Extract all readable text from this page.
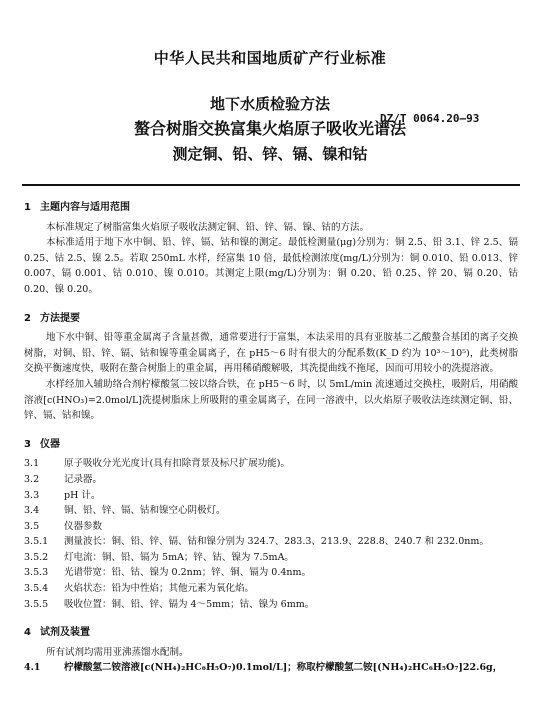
中华人民共和国地质矿产行业标准
地下水质检验方法
螯合树脂交换富集火焰原子吸收光谱法
测定铜、铅、锌、镉、镍和钴
DZ/T 0064.20—93
1 主题内容与适用范围

本标准规定了树脂富集火焰原子吸收法测定铜、铅、锌、镉、镍、钴的方法。

本标准适用于地下水中铜、铅、锌、镉、钴和镍的测定。最低检测量(μg)分别为：铜 2.5、铅 3.1、锌 2.5、镉 0.25、钴 2.5、镍 2.5。若取 250mL 水样，经富集 10 倍，最低检测浓度(mg/L)分别为：铜 0.010、铅 0.013、锌 0.007、镉 0.001、钴 0.010、镍 0.010。其测定上限(mg/L)分别为：铜 0.20、铅 0.25、锌 20、镉 0.20、钴 0.20、镍 0.20。

2 方法提要

地下水中铜、铅等重金属离子含量甚微，通常要进行于富集，本法采用的具有亚胺基二乙酸螯合基团的离子交换树脂，对铜、铅、锌、镉、钴和镍等重金属离子，在 pH5～6 时有很大的分配系数(K_D 约为 10³～10⁵)，此类树脂交换平衡速度快，吸附在螯合树脂上的重金属，再用稀硝酸解吸，其洗提曲线不拖尾，因而可用较小的洗提溶液。

水样经加入辅助络合剂柠檬酸氢二铵以络合铁，在 pH5～6 时，以 5mL/min 流速通过交换柱，吸附后，用硝酸溶液[c(HNO₃)=2.0mol/L]洗提树脂床上所吸附的重金属离子，在同一溶液中，以火焰原子吸收法连续测定铜、铅、锌、镉、钴和镍。

3 仪器
3.1	原子吸收分光光度计(具有扣除背景及标尺扩展功能)。
3.2	记录器。
3.3	pH 计。
3.4	铜、铅、锌、镉、钴和镍空心阴极灯。
3.5	仪器参数
3.5.1	测量波长：铜、铅、锌、镉、钴和镍分别为 324.7、283.3、213.9、228.8、240.7 和 232.0nm。
3.5.2	灯电流：铜、铅、镉为 5mA；锌、钴、镍为 7.5mA。
3.5.3	光谱带宽：铅、钴、镍为 0.2nm；锌、铜、镉为 0.4nm。
3.5.4	火焰状态：铅为中性焰；其他元素为氧化焰。
3.5.5	吸收位置：铜、铅、锌、镉为 4～5mm；钴、镍为 6mm。
4 试剂及装置

所有试剂均需用亚沸蒸馏水配制。

4.1	柠檬酸氢二铵溶液[c(NH₄)₂HC₆H₅O₇)0.1mol/L]；称取柠檬酸氢二铵[(NH₄)₂HC₆H₅O₇]22.6g，
